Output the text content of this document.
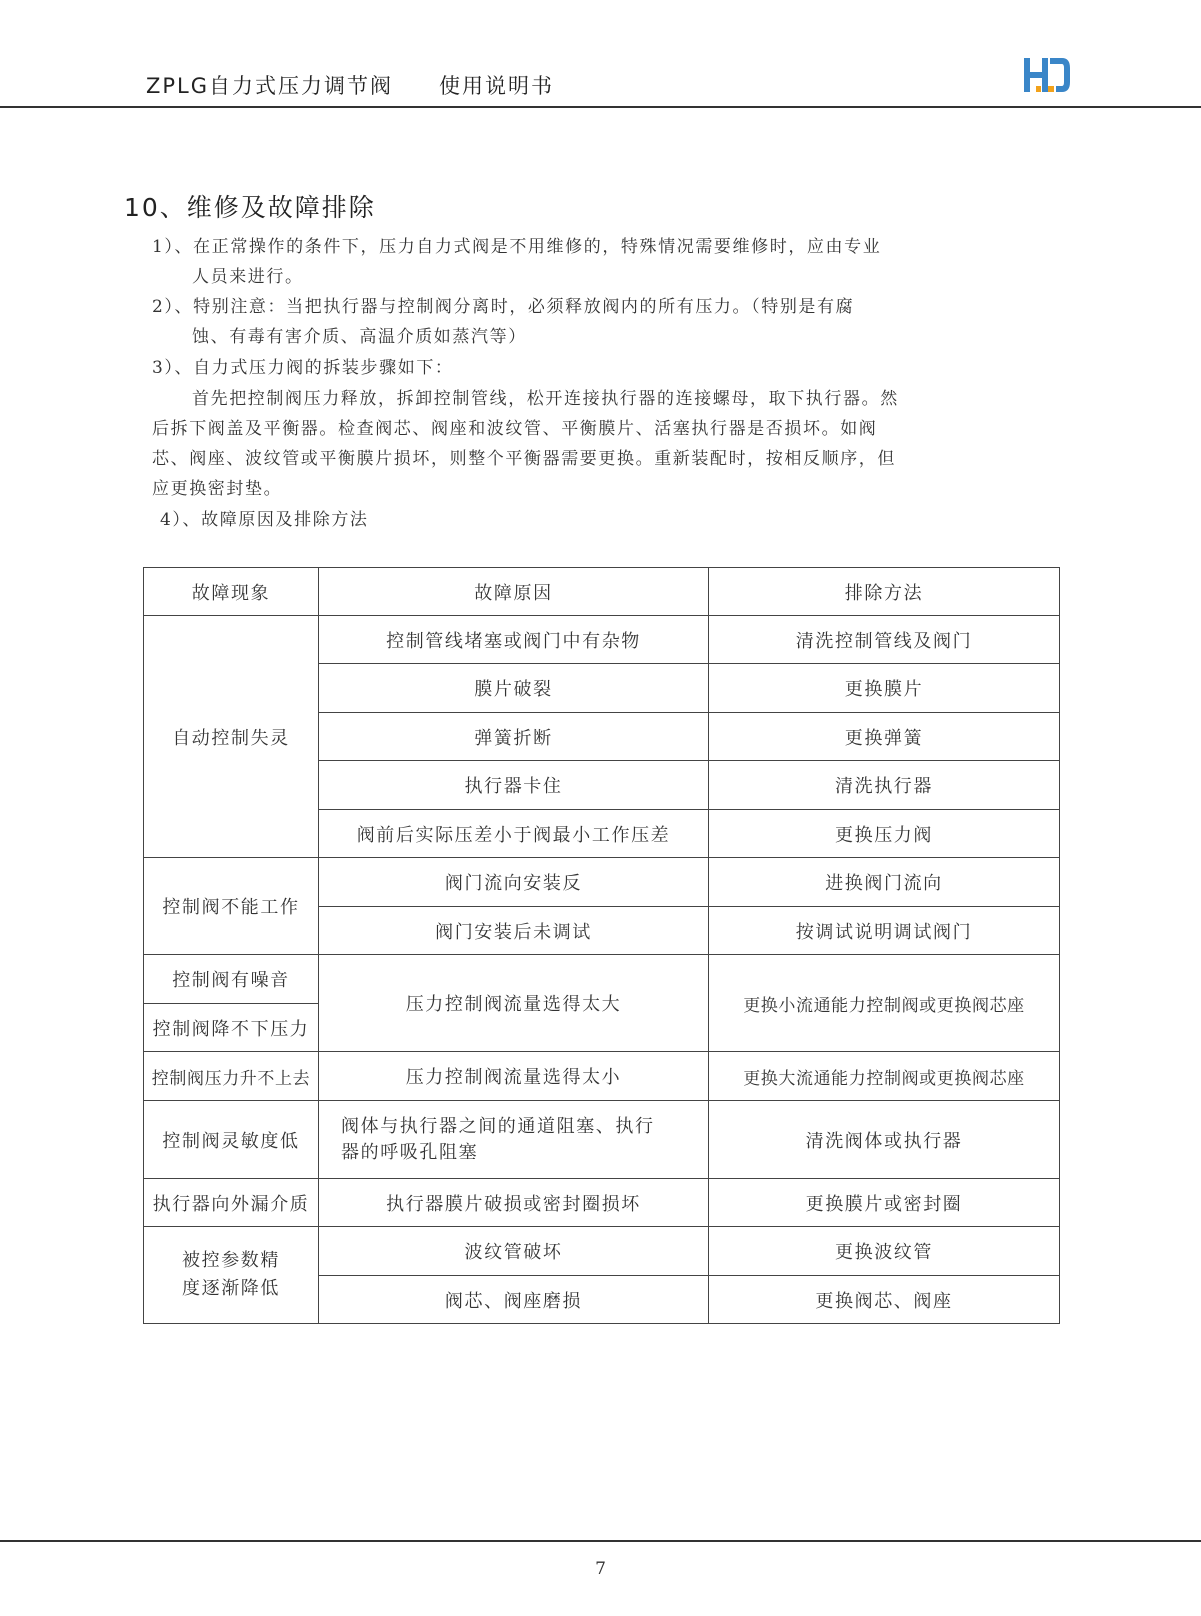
ZPLG自力式压力调节阀 使用说明书
10、维修及故障排除
1）、在正常操作的条件下，压力自力式阀是不用维修的，特殊情况需要维修时，应由专业
人员来进行。
2）、特别注意：当把执行器与控制阀分离时，必须释放阀内的所有压力。（特别是有腐
蚀、有毒有害介质、高温介质如蒸汽等）
3）、自力式压力阀的拆装步骤如下：
首先把控制阀压力释放，拆卸控制管线，松开连接执行器的连接螺母，取下执行器。然
后拆下阀盖及平衡器。检查阀芯、阀座和波纹管、平衡膜片、活塞执行器是否损坏。如阀
芯、阀座、波纹管或平衡膜片损坏，则整个平衡器需要更换。重新装配时，按相反顺序，但
应更换密封垫。
4）、故障原因及排除方法
故障现象	故障原因	排除方法
自动控制失灵	控制管线堵塞或阀门中有杂物	清洗控制管线及阀门
	膜片破裂	更换膜片
	弹簧折断	更换弹簧
	执行器卡住	清洗执行器
	阀前后实际压差小于阀最小工作压差	更换压力阀
控制阀不能工作	阀门流向安装反	进换阀门流向
	阀门安装后未调试	按调试说明调试阀门
控制阀有噪音	压力控制阀流量选得太大	更换小流通能力控制阀或更换阀芯座
控制阀降不下压力		
控制阀压力升不上去	压力控制阀流量选得太小	更换大流通能力控制阀或更换阀芯座
控制阀灵敏度低	阀体与执行器之间的通道阻塞、执行
器的呼吸孔阻塞	清洗阀体或执行器
执行器向外漏介质	执行器膜片破损或密封圈损坏	更换膜片或密封圈

被控参数精
度逐渐降低	波纹管破坏	更换波纹管
	阀芯、阀座磨损	更换阀芯、阀座
7
